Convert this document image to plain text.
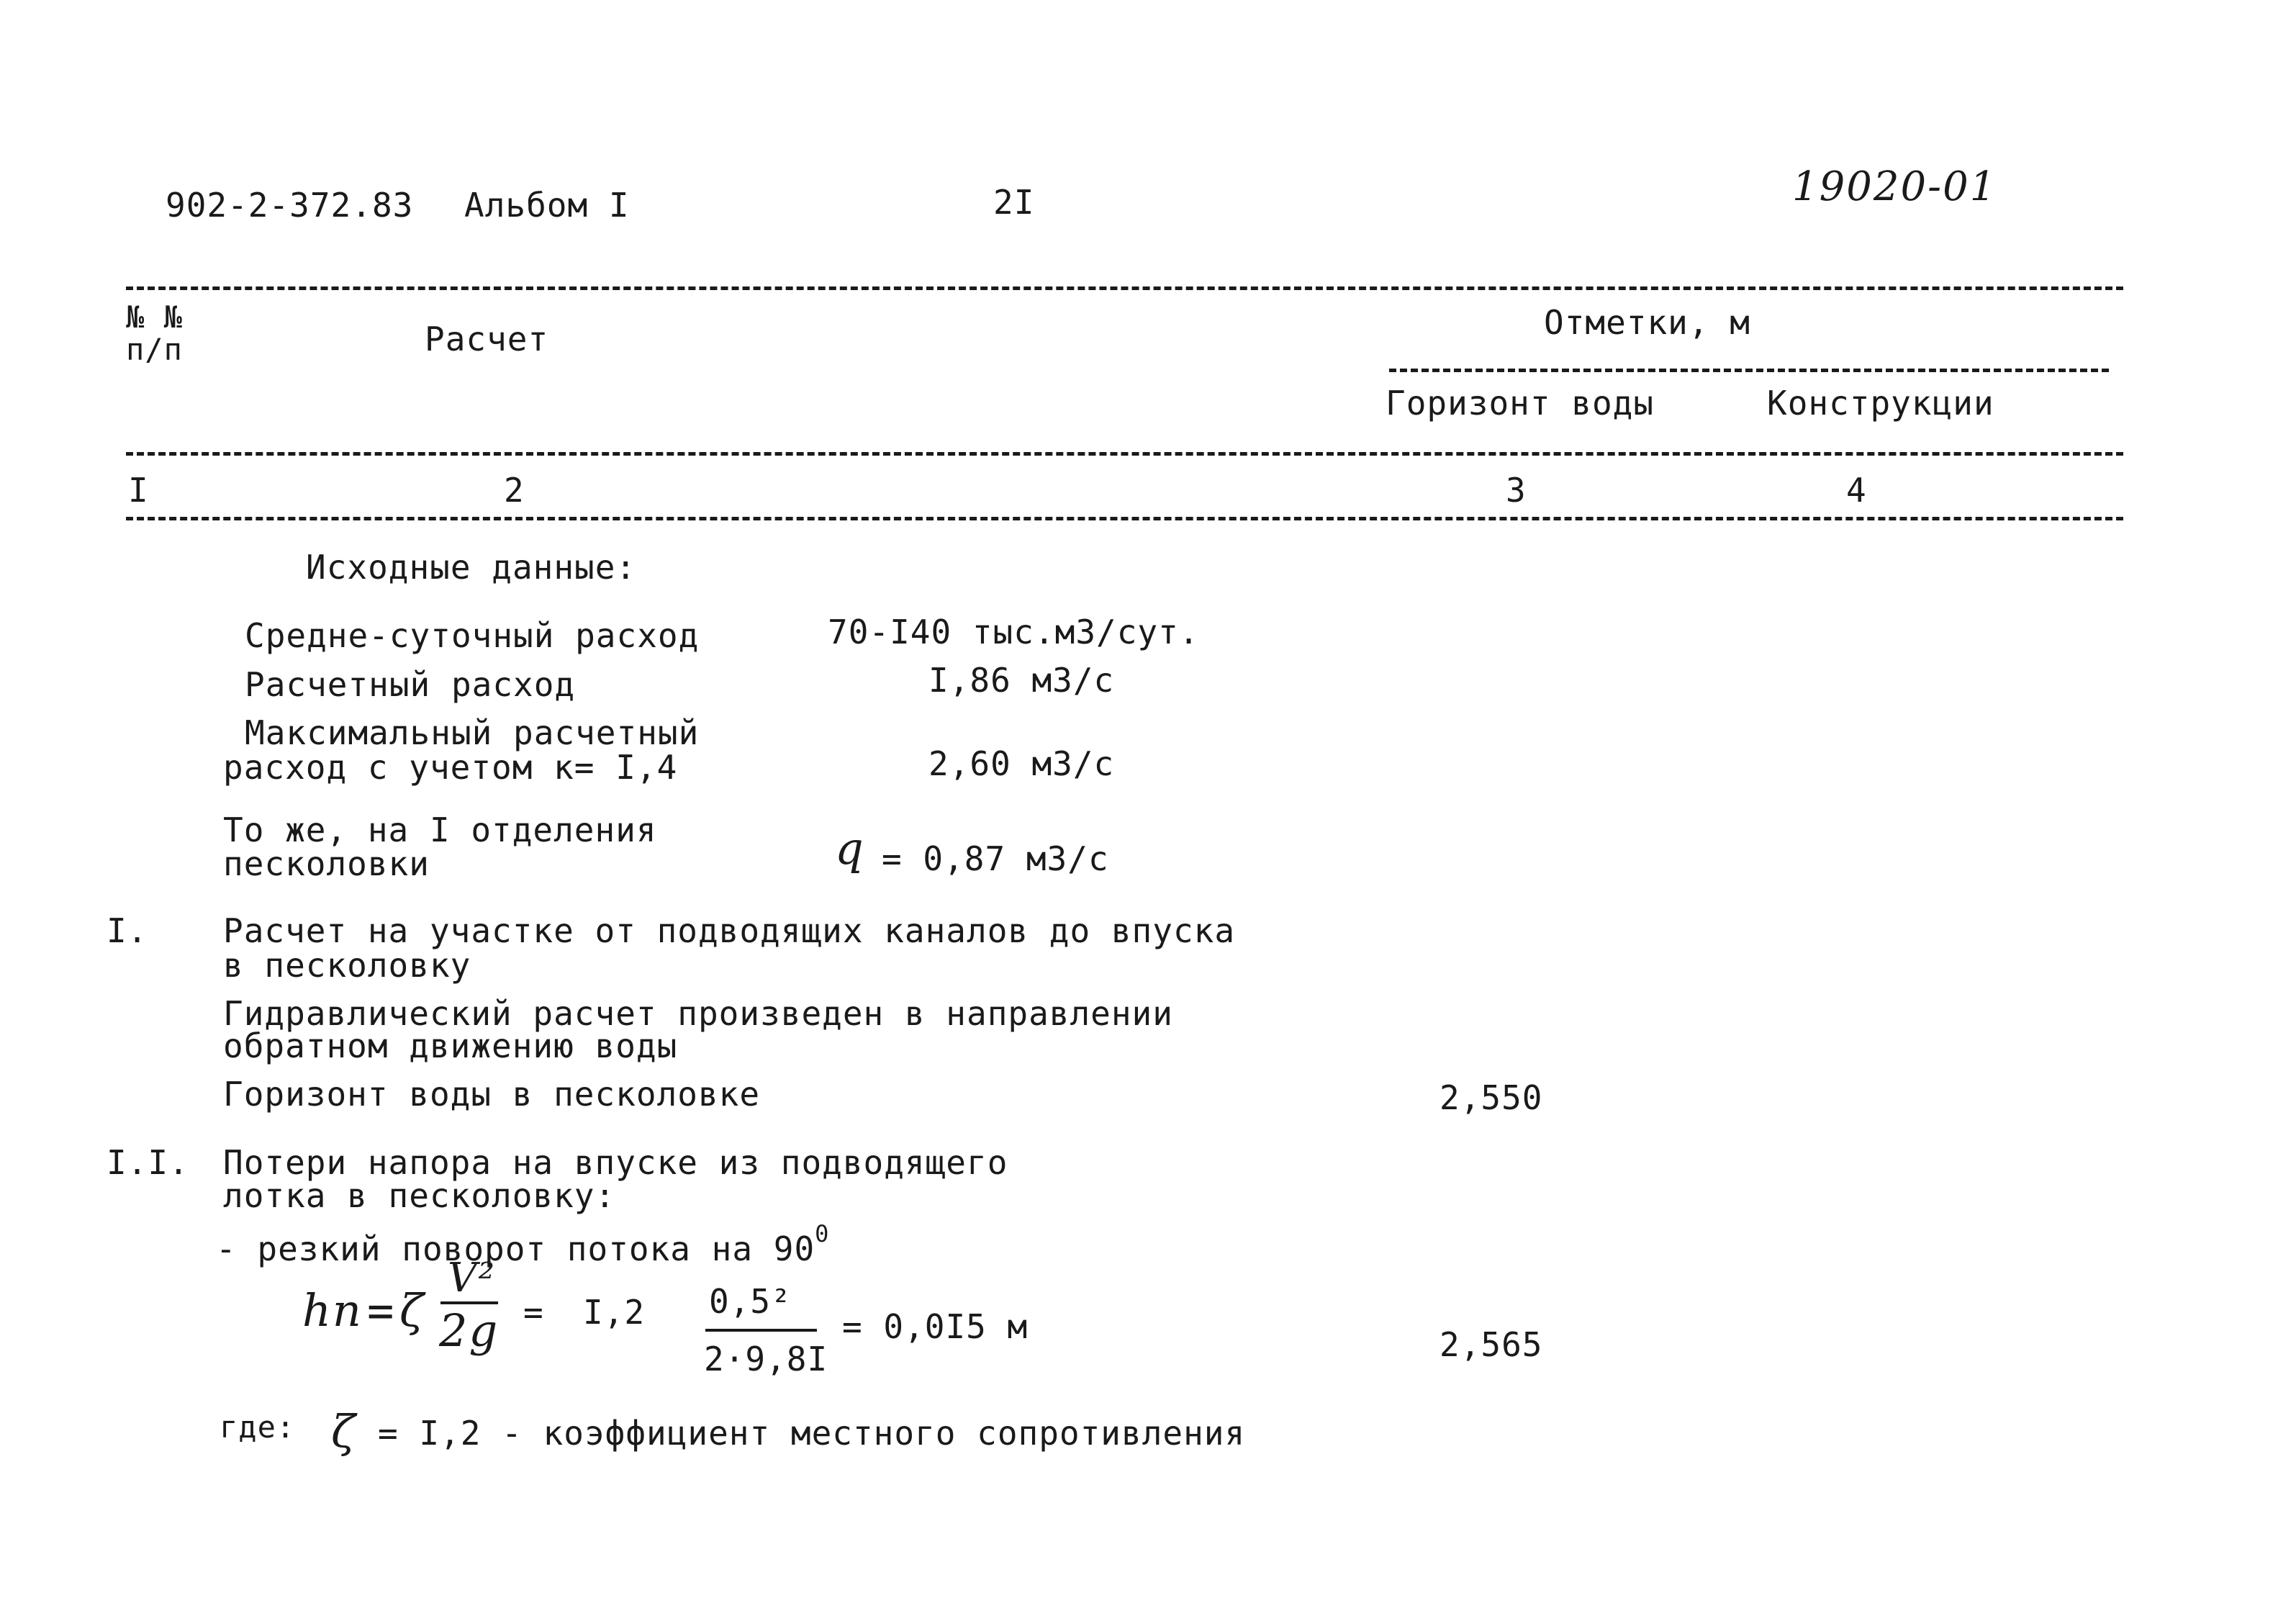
902-2-372.83 Альбом I	2I	19020-01
№ №
п/п	Расчет	Отметки, м
Горизонт воды	Конструкции
I	2	3	4
Исходные данные:
Средне-суточный расход	70-I40 тыс.м3/сут.
Расчетный расход	I,86 м3/с
Максимальный расчетный
расход с учетом к= I,4	2,60 м3/с
То же, на I отделения
песколовки	q = 0,87 м3/с
I. Расчет на участке от подводящих каналов до впуска
в песколовку
Гидравлический расчет произведен в направлении
обратном движению воды
Горизонт воды в песколовке	2,550
I.I. Потери напора на впуске из подводящего
лотка в песколовку:
- резкий поворот потока на $90^0$
hп = ζ
V²
2g = I,2 0,5²
2·9,8I
= 0,0I5 м	2,565
где: ζ = I,2 - коэффициент местного сопротивления
